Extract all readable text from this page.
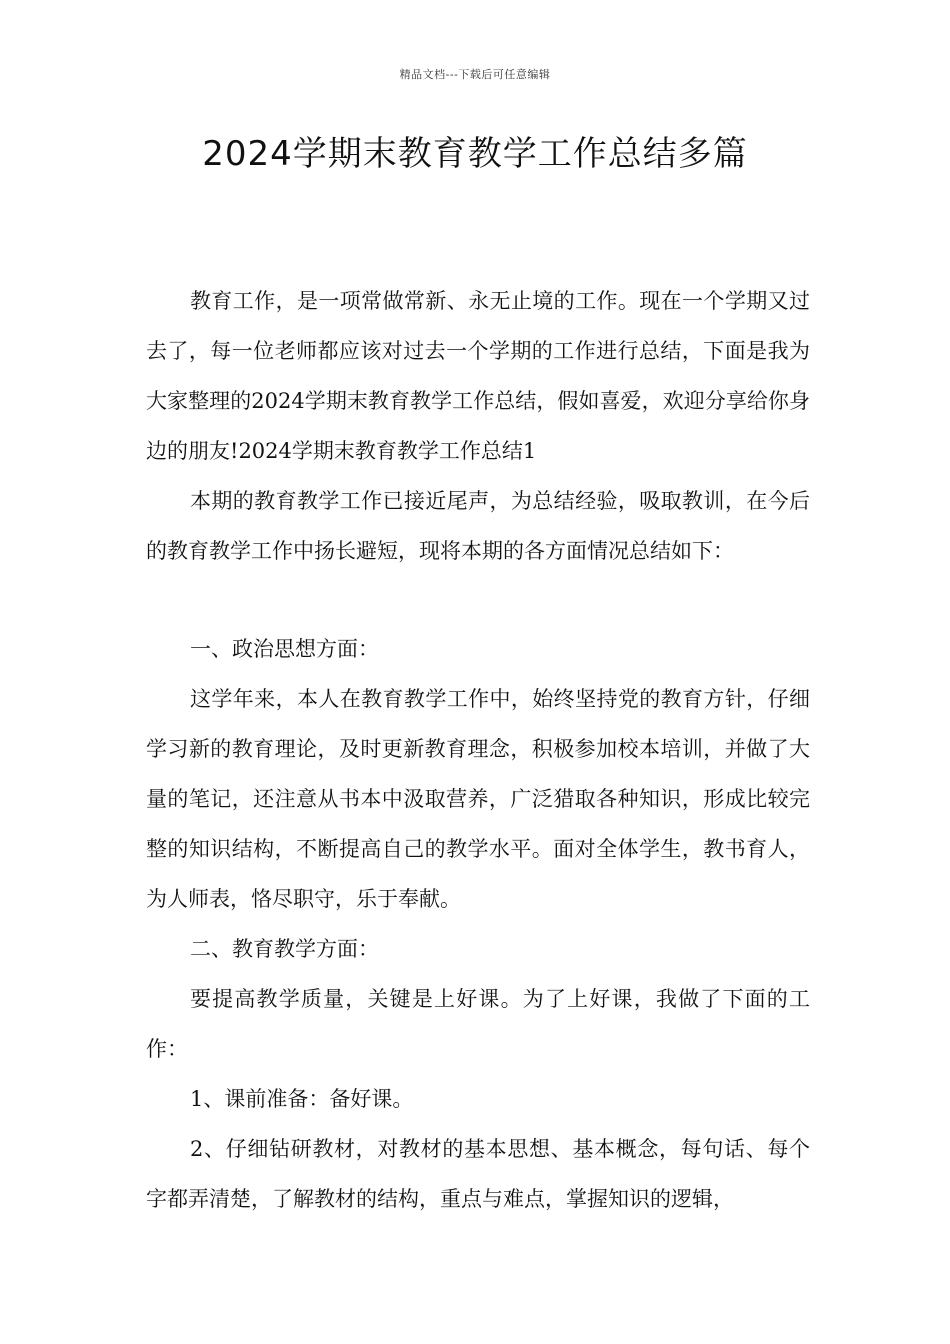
精品文档---下载后可任意编辑
2024学期末教育教学工作总结多篇

教育工作，是一项常做常新、永无止境的工作。现在一个学期又过去了，每一位老师都应该对过去一个学期的工作进行总结，下面是我为大家整理的2024学期末教育教学工作总结，假如喜爱，欢迎分享给你身边的朋友!2024学期末教育教学工作总结1

本期的教育教学工作已接近尾声，为总结经验，吸取教训，在今后的教育教学工作中扬长避短，现将本期的各方面情况总结如下：

一、政治思想方面：

这学年来，本人在教育教学工作中，始终坚持党的教育方针，仔细学习新的教育理论，及时更新教育理念，积极参加校本培训，并做了大量的笔记，还注意从书本中汲取营养，广泛猎取各种知识，形成比较完整的知识结构，不断提高自己的教学水平。面对全体学生，教书育人，为人师表，恪尽职守，乐于奉献。

二、教育教学方面：

要提高教学质量，关键是上好课。为了上好课，我做了下面的工作：

1、课前准备：备好课。

2、仔细钻研教材，对教材的基本思想、基本概念，每句话、每个字都弄清楚，了解教材的结构，重点与难点，掌握知识的逻辑，
